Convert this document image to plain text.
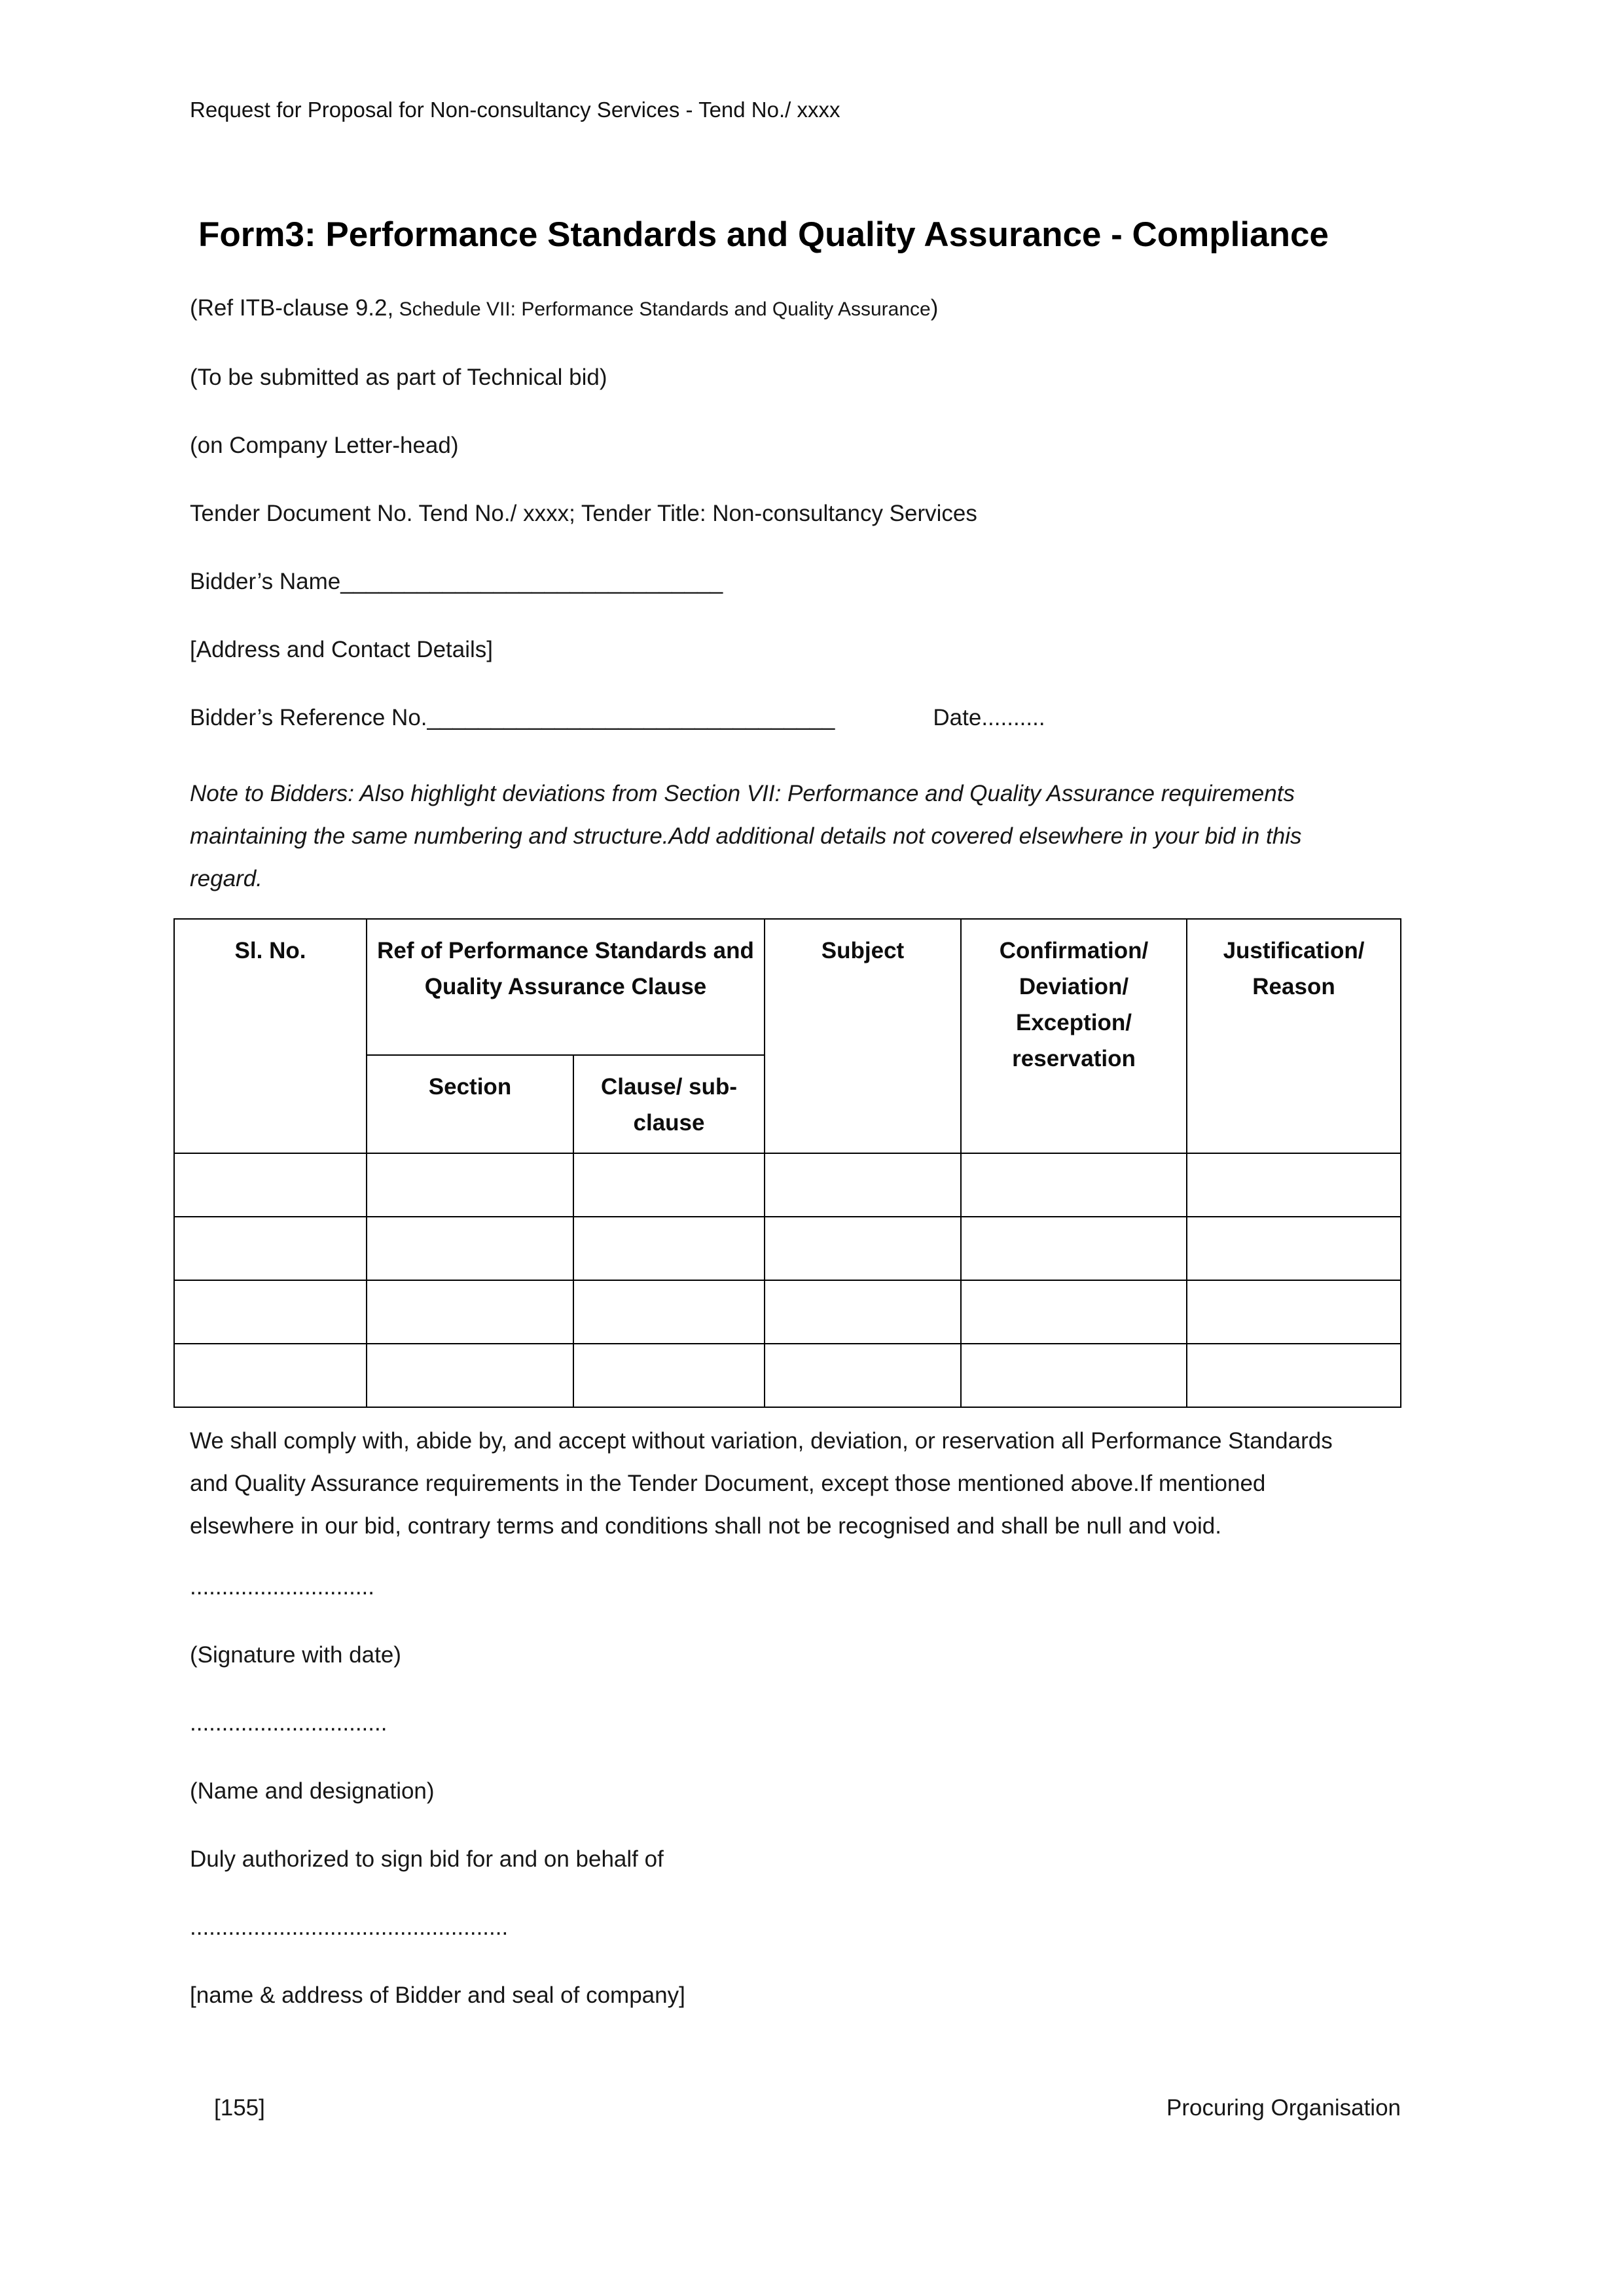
Request for Proposal for Non-consultancy Services - Tend No./ xxxx
Form3: Performance Standards and Quality Assurance - Compliance

(Ref ITB-clause 9.2, Schedule VII: Performance Standards and Quality Assurance)

(To be submitted as part of Technical bid)

(on Company Letter-head)

Tender Document No. Tend No./ xxxx; Tender Title: Non-consultancy Services

Bidder’s Name______________________________

[Address and Contact Details]

Bidder’s Reference No.________________________________	Date..........

Note to Bidders: Also highlight deviations from Section VII: Performance and Quality Assurance requirements maintaining the same numbering and structure.Add additional details not covered elsewhere in your bid in this regard.

Sl. No.	Ref of Performance Standards and Quality Assurance Clause		Subject	Confirmation/ Deviation/ Exception/ reservation	Justification/ Reason
	Section	Clause/ sub-clause			

We shall comply with, abide by, and accept without variation, deviation, or reservation all Performance Standards and Quality Assurance requirements in the Tender Document, except those mentioned above.If mentioned elsewhere in our bid, contrary terms and conditions shall not be recognised and shall be null and void.

.............................

(Signature with date)

...............................

(Name and designation)

Duly authorized to sign bid for and on behalf of

..................................................

[name & address of Bidder and seal of company]

[155]	Procuring Organisation
